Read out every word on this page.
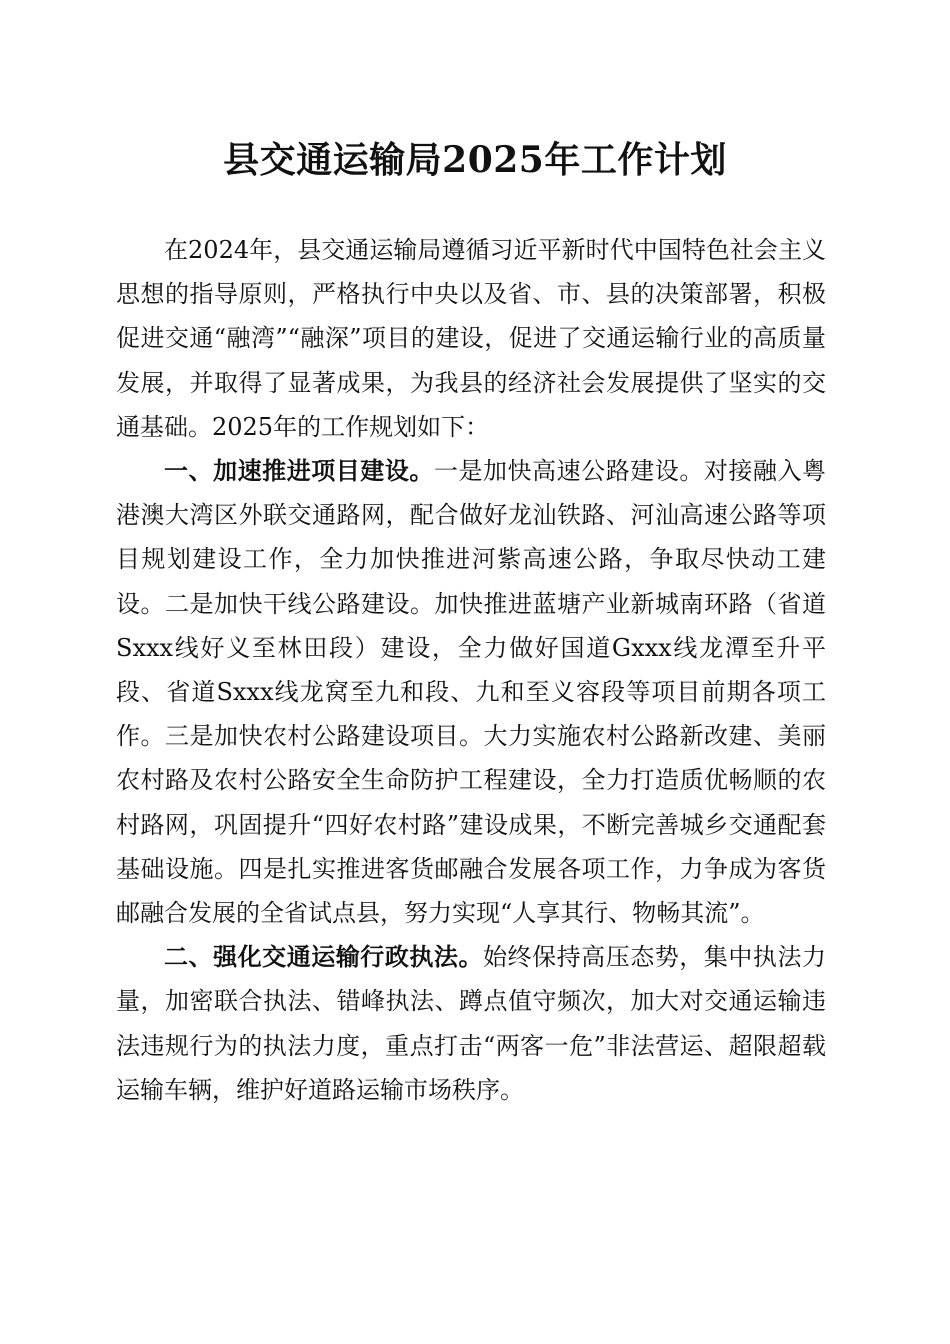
县交通运输局2025年工作计划

在2024年，县交通运输局遵循习近平新时代中国特色社会主义思想的指导原则，严格执行中央以及省、市、县的决策部署，积极促进交通“融湾”“融深”项目的建设，促进了交通运输行业的高质量发展，并取得了显著成果，为我县的经济社会发展提供了坚实的交通基础。2025年的工作规划如下：

一、加速推进项目建设。一是加快高速公路建设。对接融入粤港澳大湾区外联交通路网，配合做好龙汕铁路、河汕高速公路等项目规划建设工作，全力加快推进河紫高速公路，争取尽快动工建设。二是加快干线公路建设。加快推进蓝塘产业新城南环路（省道Sxxx线好义至林田段）建设，全力做好国道Gxxx线龙潭至升平段、省道Sxxx线龙窝至九和段、九和至义容段等项目前期各项工作。三是加快农村公路建设项目。大力实施农村公路新改建、美丽农村路及农村公路安全生命防护工程建设，全力打造质优畅顺的农村路网，巩固提升“四好农村路”建设成果，不断完善城乡交通配套基础设施。四是扎实推进客货邮融合发展各项工作，力争成为客货邮融合发展的全省试点县，努力实现“人享其行、物畅其流”。

二、强化交通运输行政执法。始终保持高压态势，集中执法力量，加密联合执法、错峰执法、蹲点值守频次，加大对交通运输违法违规行为的执法力度，重点打击“两客一危”非法营运、超限超载运输车辆，维护好道路运输市场秩序。
